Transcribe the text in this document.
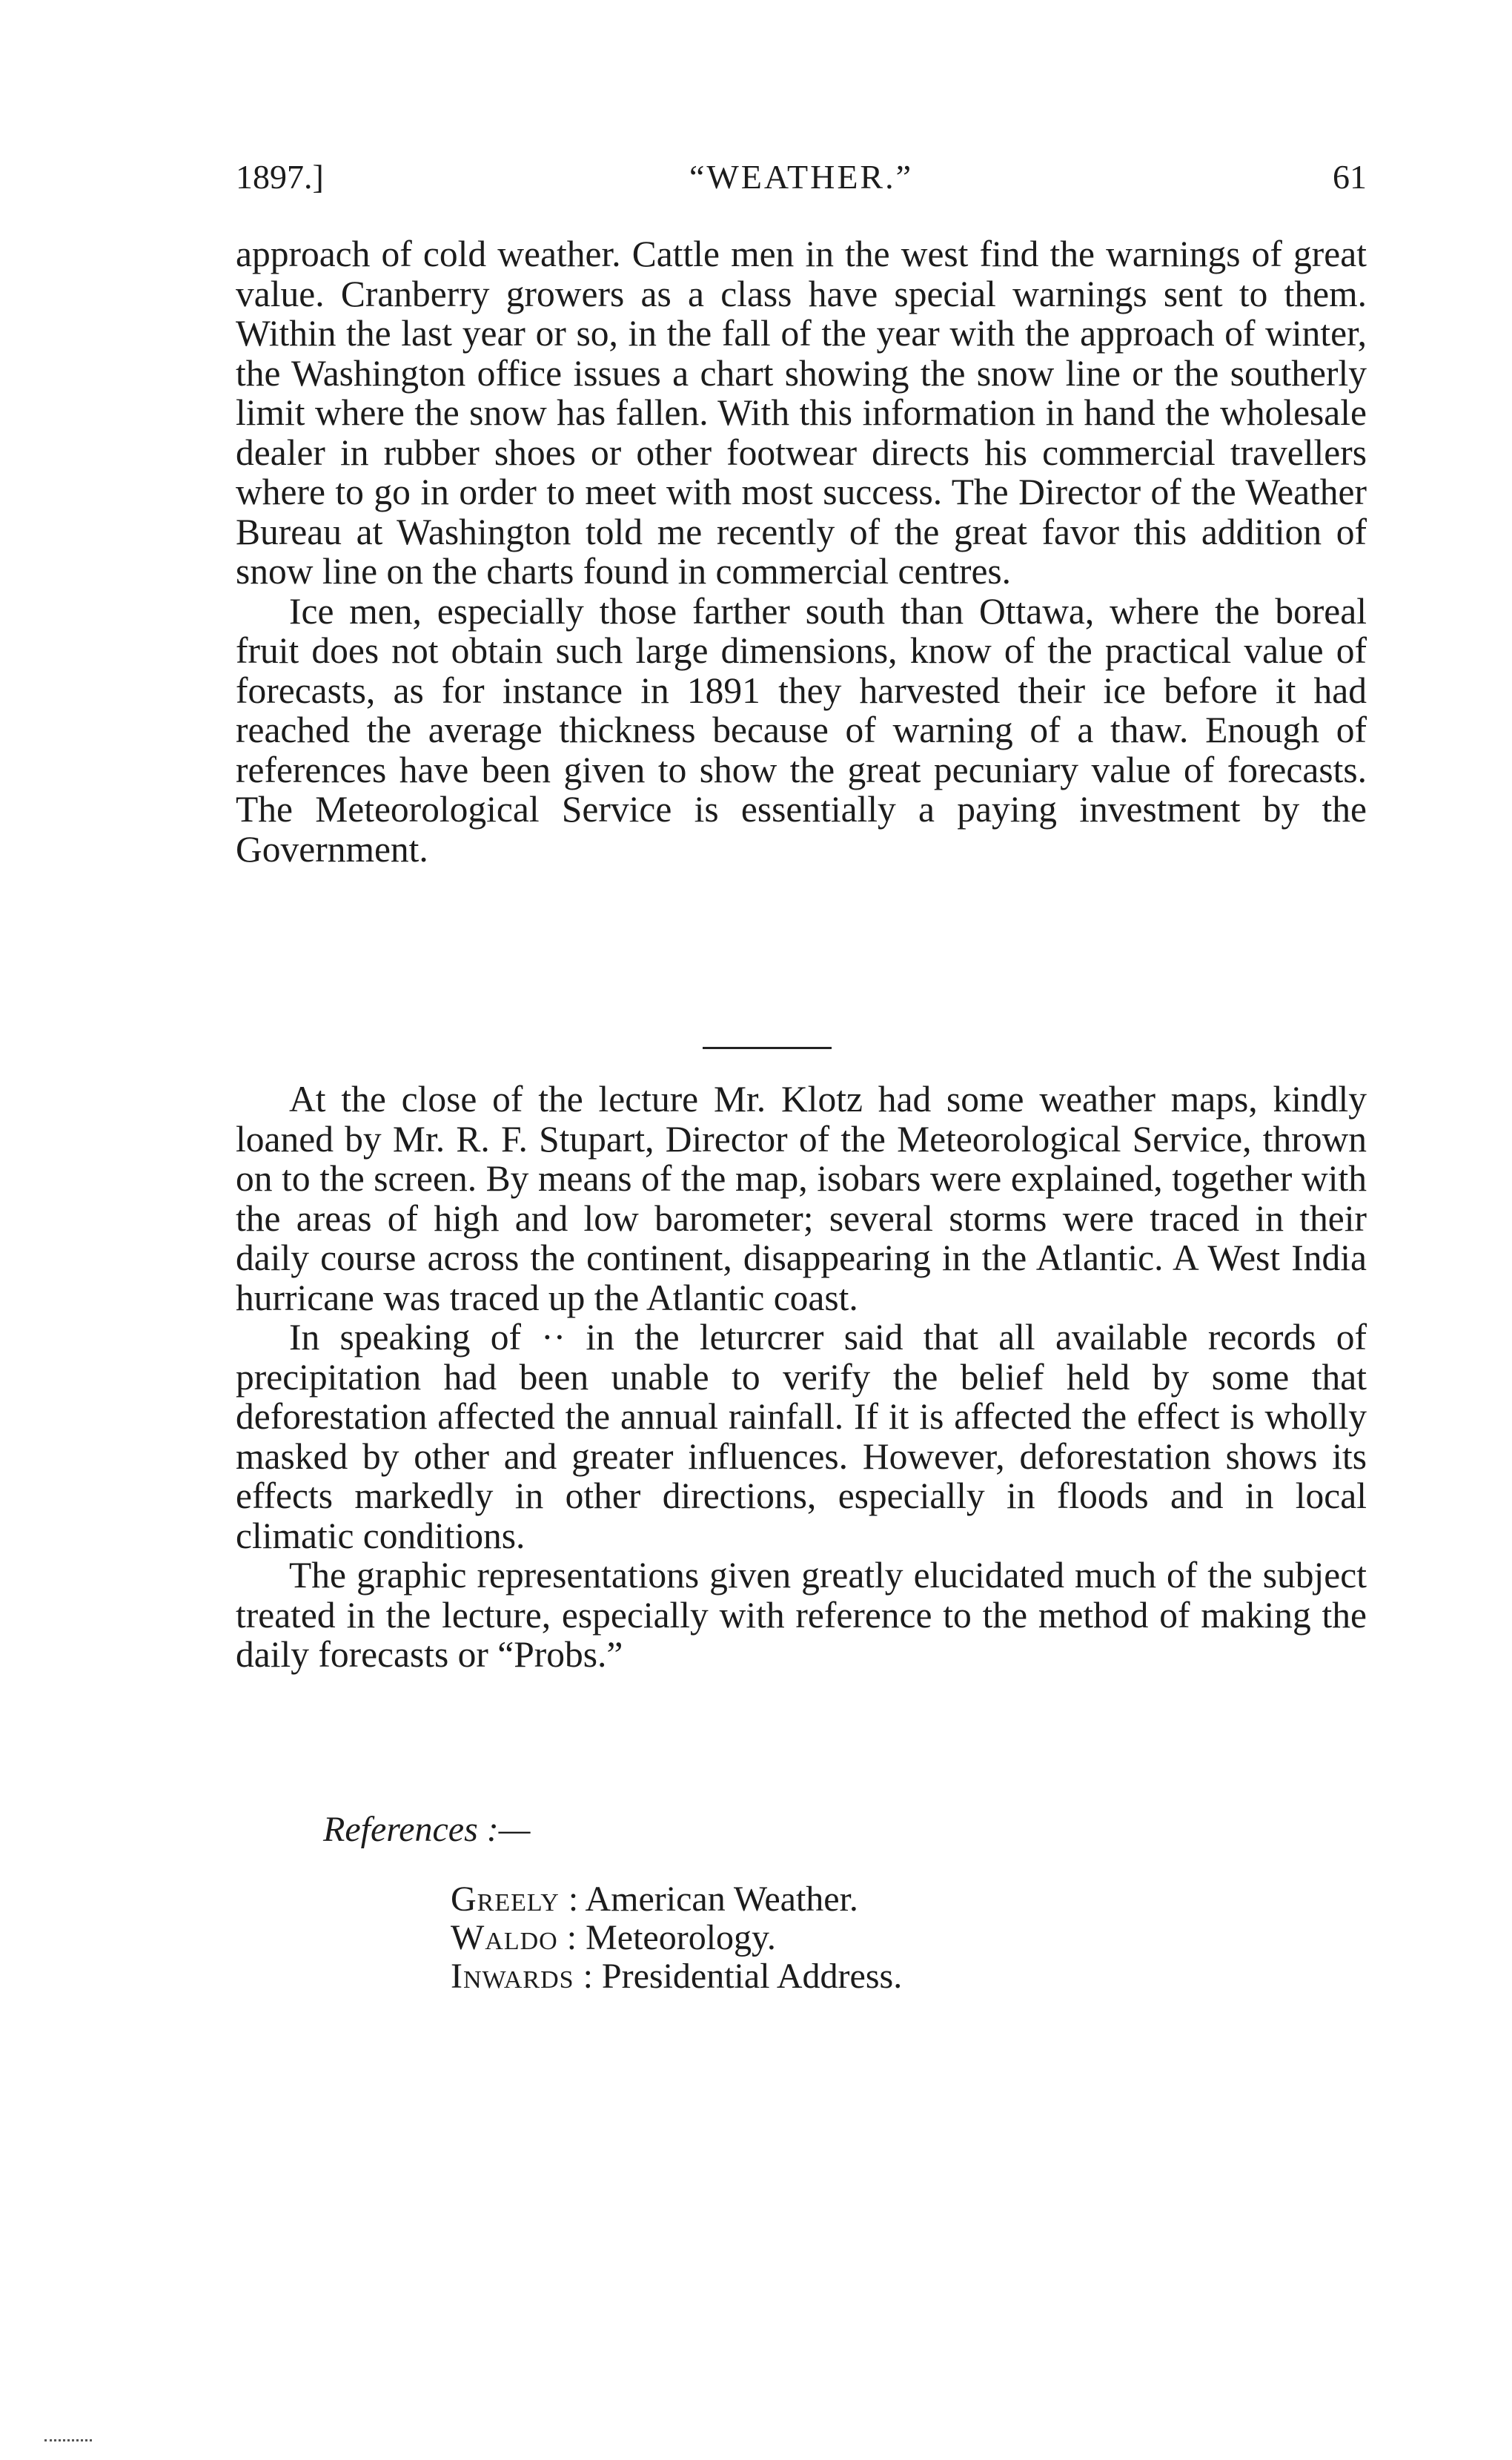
1897.]	“WEATHER.”	61

approach of cold weather. Cattle men in the west find the warnings of great value. Cranberry growers as a class have special warnings sent to them. Within the last year or so, in the fall of the year with the approach of winter, the Washington office issues a chart showing the snow line or the southerly limit where the snow has fallen. With this information in hand the wholesale dealer in rubber shoes or other footwear directs his commercial travellers where to go in order to meet with most success. The Director of the Weather Bureau at Washington told me recently of the great favor this addition of snow line on the charts found in commercial centres.

Ice men, especially those farther south than Ottawa, where the boreal fruit does not obtain such large dimensions, know of the practical value of forecasts, as for instance in 1891 they harvested their ice before it had reached the average thickness because of warning of a thaw. Enough of references have been given to show the great pecuniary value of forecasts. The Meteorological Service is essentially a paying investment by the Government.

At the close of the lecture Mr. Klotz had some weather maps, kindly loaned by Mr. R. F. Stupart, Director of the Meteorological Service, thrown on to the screen. By means of the map, isobars were explained, together with the areas of high and low barometer; several storms were traced in their daily course across the continent, disappearing in the Atlantic. A West India hurricane was traced up the Atlantic coast.

In speaking of ·· in the leturcrer said that all available records of precipitation had been unable to verify the belief held by some that deforestation affected the annual rainfall. If it is affected the effect is wholly masked by other and greater influences. However, deforestation shows its effects markedly in other directions, especially in floods and in local climatic conditions.

The graphic representations given greatly elucidated much of the subject treated in the lecture, especially with reference to the method of making the daily forecasts or “Probs.”

References :—
Greely : American Weather.
Waldo : Meteorology.
Inwards : Presidential Address.
